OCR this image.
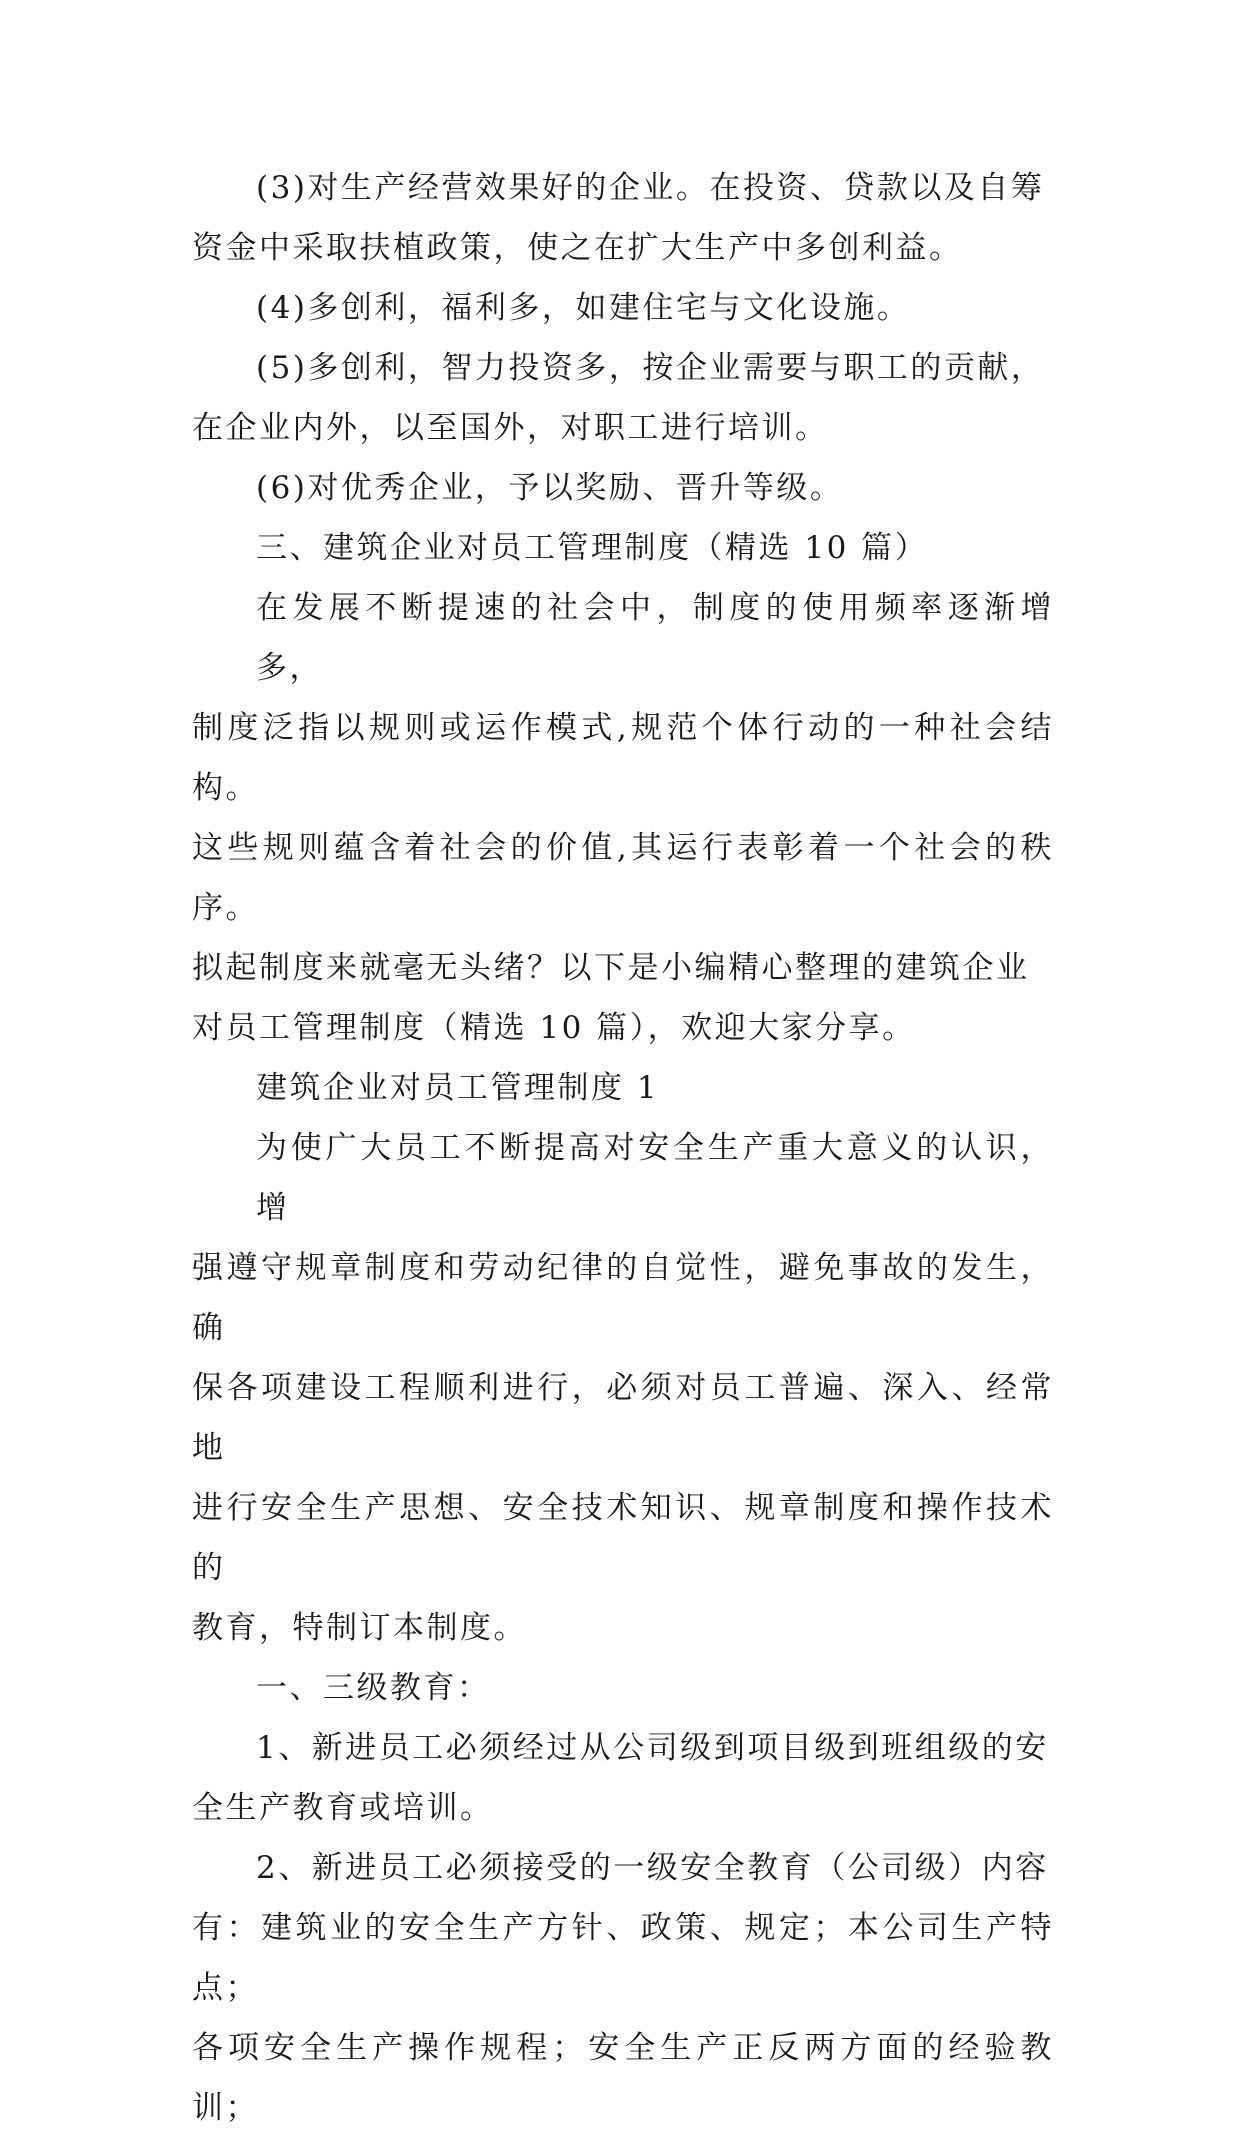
(3)对生产经营效果好的企业。在投资、贷款以及自筹
资金中采取扶植政策，使之在扩大生产中多创利益。

(4)多创利，福利多，如建住宅与文化设施。

(5)多创利，智力投资多，按企业需要与职工的贡献，
在企业内外，以至国外，对职工进行培训。

(6)对优秀企业，予以奖励、晋升等级。

三、建筑企业对员工管理制度（精选 10 篇）

在发展不断提速的社会中，制度的使用频率逐渐增多，
制度泛指以规则或运作模式,规范个体行动的一种社会结构。
这些规则蕴含着社会的价值,其运行表彰着一个社会的秩序。
拟起制度来就毫无头绪？以下是小编精心整理的建筑企业
对员工管理制度（精选 10 篇），欢迎大家分享。

建筑企业对员工管理制度 1

为使广大员工不断提高对安全生产重大意义的认识，增
强遵守规章制度和劳动纪律的自觉性，避免事故的发生，确
保各项建设工程顺利进行，必须对员工普遍、深入、经常地
进行安全生产思想、安全技术知识、规章制度和操作技术的
教育，特制订本制度。

一、三级教育：

1、新进员工必须经过从公司级到项目级到班组级的安
全生产教育或培训。

2、新进员工必须接受的一级安全教育（公司级）内容
有：建筑业的安全生产方针、政策、规定；本公司生产特点；
各项安全生产操作规程；安全生产正反两方面的经验教训；
